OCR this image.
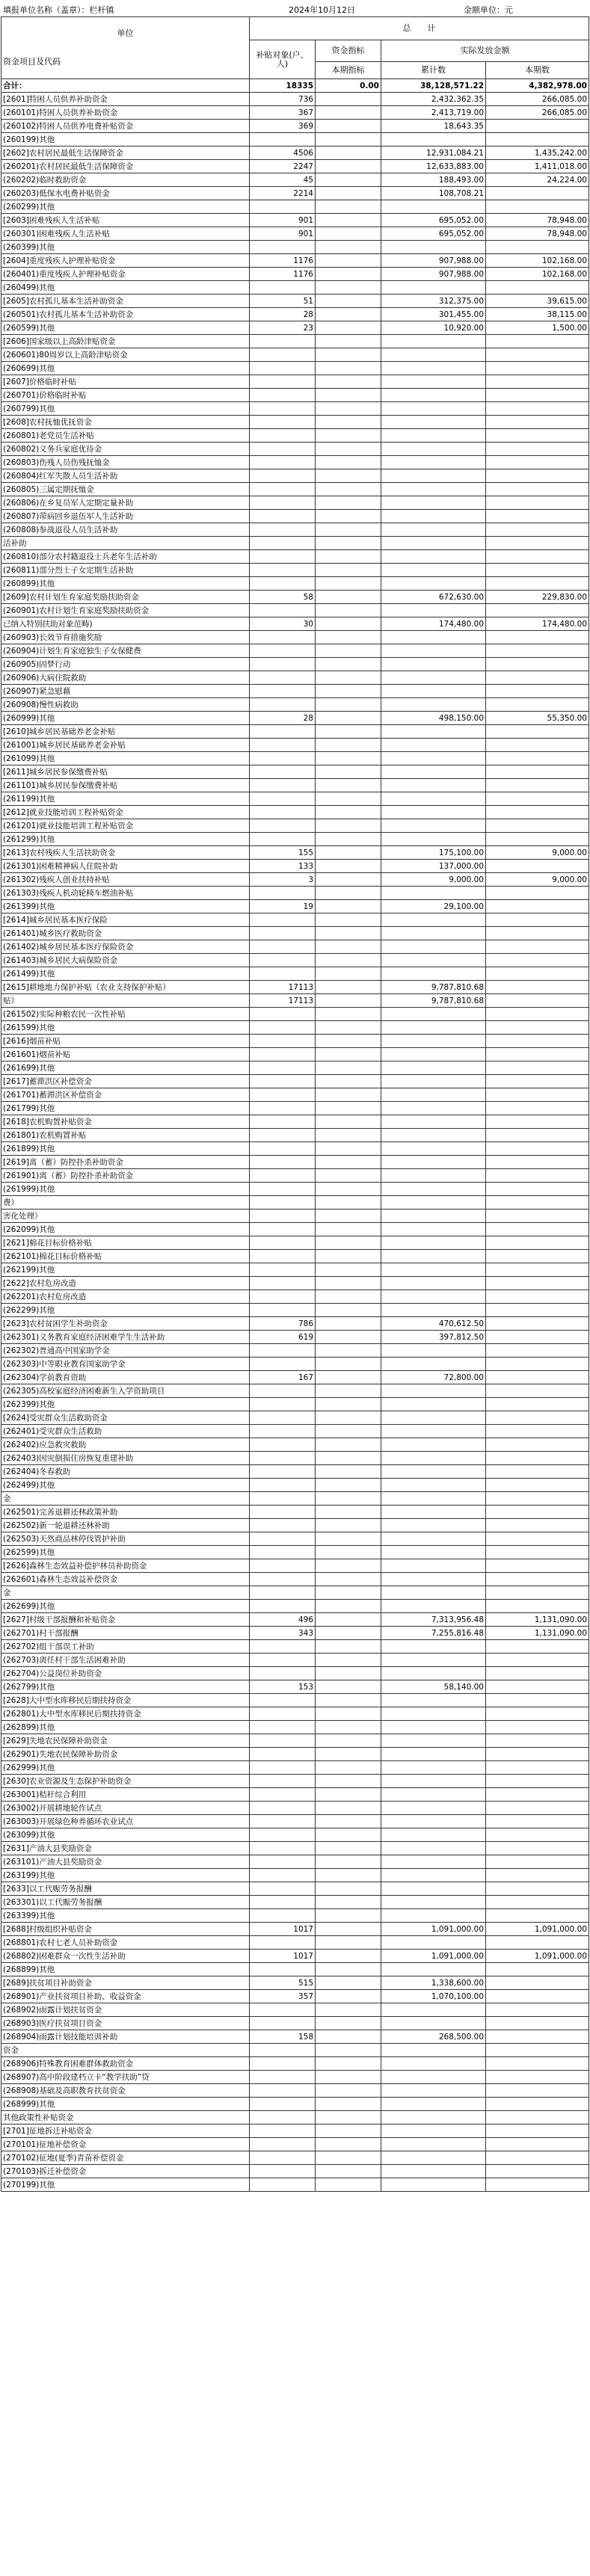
填报单位名称（盖章）：栏杆镇	2024年10月12日	金额单位：元
单位
资金项目及代码	总　　计			
	补贴对象(户、人)	资金指标	实际发放金额	
		本期指标	累计数	本期数
合计：	18335	0.00	38,128,571.22	4,382,978.00
[2601]特困人员供养补助资金	736		2,432,362.35	266,085.00
(260101)特困人员供养补助资金	367		2,413,719.00	266,085.00
(260102)特困人员供养电费补贴资金	369		18,643.35	
(260199)其他				
[2602]农村居民最低生活保障资金	4506		12,931,084.21	1,435,242.00
(260201)农村居民最低生活保障资金	2247		12,633,883.00	1,411,018.00
(260202)临时救助资金	45		188,493.00	24,224.00
(260203)低保水电费补贴资金	2214		108,708.21	
(260299)其他				
[2603]困难残疾人生活补贴	901		695,052.00	78,948.00
(260301)困难残疾人生活补贴	901		695,052.00	78,948.00
(260399)其他				
[2604]重度残疾人护理补贴资金	1176		907,988.00	102,168.00
(260401)重度残疾人护理补贴资金	1176		907,988.00	102,168.00
(260499)其他				
[2605]农村孤儿基本生活补助资金	51		312,375.00	39,615.00
(260501)农村孤儿基本生活补助资金	28		301,455.00	38,115.00
(260599)其他	23		10,920.00	1,500.00
[2606]国家级以上高龄津贴资金				
(260601)80周岁以上高龄津贴资金				
(260699)其他				
[2607]价格临时补贴				
(260701)价格临时补贴				
(260799)其他				
[2608]农村抚恤优抚资金				
(260801)老党员生活补贴				
(260802)义务兵家庭优待金				
(260803)伤残人员伤残抚恤金				
(260804)红军失散人员生活补助				
(260805)三属定期抚恤金				
(260806)在乡复员军人定期定量补助				
(260807)带病回乡退伍军人生活补助				
(260808)参战退役人员生活补助				
活补助				
(260810)部分农村籍退役士兵老年生活补助				
(260811)部分烈士子女定期生活补助				
(260899)其他				
[2609]农村计划生育家庭奖励扶助资金	58		672,630.00	229,830.00
(260901)农村计划生育家庭奖励扶助资金				
已纳入特别扶助对象范畴)	30		174,480.00	174,480.00
(260903)长效节育措施奖励				
(260904)计划生育家庭独生子女保健费				
(260905)固梦行动				
(260906)大病住院救助				
(260907)紧急慰藉				
(260908)慢性病救助				
(260999)其他	28		498,150.00	55,350.00
[2610]城乡居民基础养老金补贴				
(261001)城乡居民基础养老金补贴				
(261099)其他				
[2611]城乡居民参保缴费补贴				
(261101)城乡居民参保缴费补贴				
(261199)其他				
[2612]就业技能培训工程补贴资金				
(261201)就业技能培训工程补贴资金				
(261299)其他				
[2613]农村残疾人生活扶助资金	155		175,100.00	9,000.00
(261301)困难精神病人住院补助	133		137,000.00	
(261302)残疾人创业扶持补贴	3		9,000.00	9,000.00
(261303)残疾人机动轮椅车燃油补贴				
(261399)其他	19		29,100.00	
[2614]城乡居民基本医疗保险				
(261401)城乡医疗救助资金				
(261402)城乡居民基本医疗保险资金				
(261403)城乡居民大病保险资金				
(261499)其他				
[2615]耕地地力保护补贴（农业支持保护补贴）	17113		9,787,810.68	
贴）	17113		9,787,810.68	
(261502)实际种粮农民一次性补贴				
(261599)其他				
[2616]烟苗补贴				
(261601)烟苗补贴				
(261699)其他				
[2617]蓄滞洪区补偿资金				
(261701)蓄滞洪区补偿资金				
(261799)其他				
[2618]农机购置补贴资金				
(261801)农机购置补贴				
(261899)其他				
[2619]离（蓄）防控扑杀补助资金				
(261901)离（蓄）防控扑杀补助资金				
(261999)其他				
费）				
害化处理）				
(262099)其他				
[2621]棉花目标价格补贴				
(262101)棉花目标价格补贴				
(262199)其他				
[2622]农村危房改造				
(262201)农村危房改造				
(262299)其他				
[2623]农村贫困学生补助资金	786		470,612.50	
(262301)义务教育家庭经济困难学生生活补助	619		397,812.50	
(262302)普通高中国家助学金				
(262303)中等职业教育国家助学金				
(262304)学前教育资助	167		72,800.00	
(262305)高校家庭经济困难新生入学资助项目				
(262399)其他				
[2624]受灾群众生活救助资金				
(262401)受灾群众生活救助				
(262402)应急救灾救助				
(262403)因灾倒损住房恢复重建补助				
(262404)冬春救助				
(262499)其他				
金				
(262501)完善退耕还林政策补助				
(262502)新一轮退耕还林补助				
(262503)天然商品林停伐管护补助				
(262599)其他				
[2626]森林生态效益补偿护林员补助资金				
(262601)森林生态效益补偿资金				
金				
(262699)其他				
[2627]村级干部报酬和补贴资金	496		7,313,956.48	1,131,090.00
(262701)村干部报酬	343		7,255,816.48	1,131,090.00
(262702)组干部误工补助				
(262703)离任村干部生活困难补助				
(262704)公益岗位补助资金				
(262799)其他	153		58,140.00	
[2628]大中型水库移民后期扶持资金				
(262801)大中型水库移民后期扶持资金				
(262899)其他				
[2629]失地农民保障补助资金				
(262901)失地农民保障补助资金				
(262999)其他				
[2630]农业资源及生态保护补助资金				
(263001)秸秆综合利用				
(263002)开展耕地轮作试点				
(263003)开展绿色种养循环农业试点				
(263099)其他				
[2631]产油大县奖励资金				
(263101)产油大县奖励资金				
(263199)其他				
[2633]以工代赈劳务报酬				
(263301)以工代赈劳务报酬				
(263399)其他				
[2688]村级组织补贴资金	1017		1,091,000.00	1,091,000.00
(268801)农村七老人员补助资金				
(268802)困难群众一次性生活补助	1017		1,091,000.00	1,091,000.00
(268899)其他				
[2689]扶贫项目补助资金	515		1,338,600.00	
(268901)产业扶贫项目补助、收益资金	357		1,070,100.00	
(268902)雨露计划扶贫资金				
(268903)医疗扶贫项目资金				
(268904)雨露计划技能培训补助	158		268,500.00	
资金				
(268906)特殊教育困难群体救助资金				
(268907)高中阶段建档立卡“教学扶助”贷				
(268908)基础及高职教育扶贫资金				
(268999)其他				
其他政策性补贴资金				
[2701]征地拆迁补贴资金				
(270101)征地补偿资金				
(270102)征地(夏季)青苗补偿资金				
(270103)拆迁补偿资金				
(270199)其他				
